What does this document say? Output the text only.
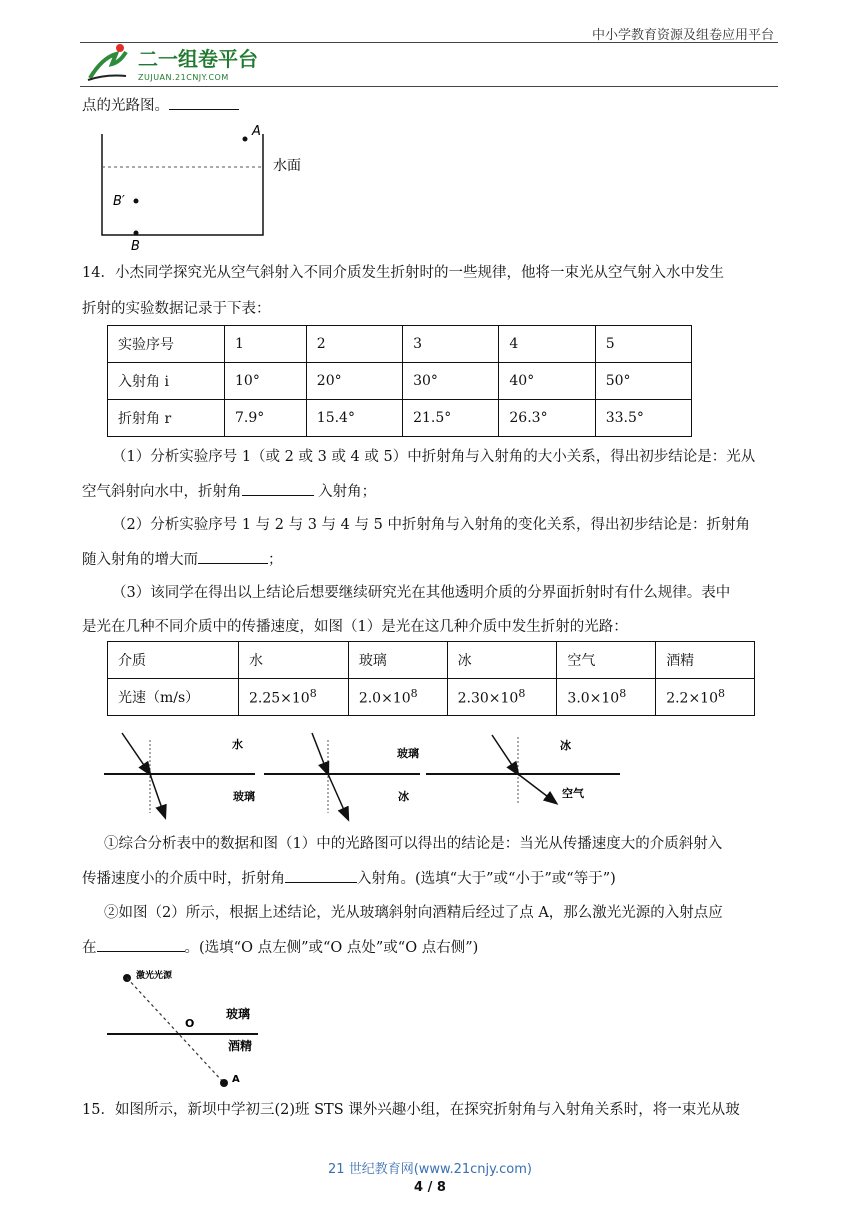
中小学教育资源及组卷应用平台
二一组卷平台
ZUJUAN.21CNJY.COM
点的光路图。
A
B′
B
水面
14．小杰同学探究光从空气斜射入不同介质发生折射时的一些规律，他将一束光从空气射入水中发生
折射的实验数据记录于下表：
实验序号	1	2	3	4	5
入射角 i	10°	20°	30°	40°	50°
折射角 r	7.9°	15.4°	21.5°	26.3°	33.5°
（1）分析实验序号 1（或 2 或 3 或 4 或 5）中折射角与入射角的大小关系，得出初步结论是：光从
空气斜射向水中，折射角	入射角；
（2）分析实验序号 1 与 2 与 3 与 4 与 5 中折射角与入射角的变化关系，得出初步结论是：折射角
随入射角的增大而	；
（3）该同学在得出以上结论后想要继续研究光在其他透明介质的分界面折射时有什么规律。表中
是光在几种不同介质中的传播速度，如图（1）是光在这几种介质中发生折射的光路：
介质	水	玻璃	冰	空气	酒精
光速（m/s）	$2.25\times 10^8$	$2.0\times 10^8$	$2.30\times 10^8$	$3.0\times 10^8$	$2.2\times 10^8$
水
玻璃
玻璃
冰
冰
空气
①综合分析表中的数据和图（1）中的光路图可以得出的结论是：当光从传播速度大的介质斜射入
传播速度小的介质中时，折射角	入射角。(选填“大于”或“小于”或“等于”)
②如图（2）所示，根据上述结论，光从玻璃斜射向酒精后经过了点 A，那么激光光源的入射点应
在	。(选填“O 点左侧”或“O 点处”或“O 点右侧”)
激光光源
O
玻璃
酒精
A
15．如图所示，新坝中学初三(2)班 STS 课外兴趣小组，在探究折射角与入射角关系时，将一束光从玻
21 世纪教育网(www.21cnjy.com)
4 / 8
